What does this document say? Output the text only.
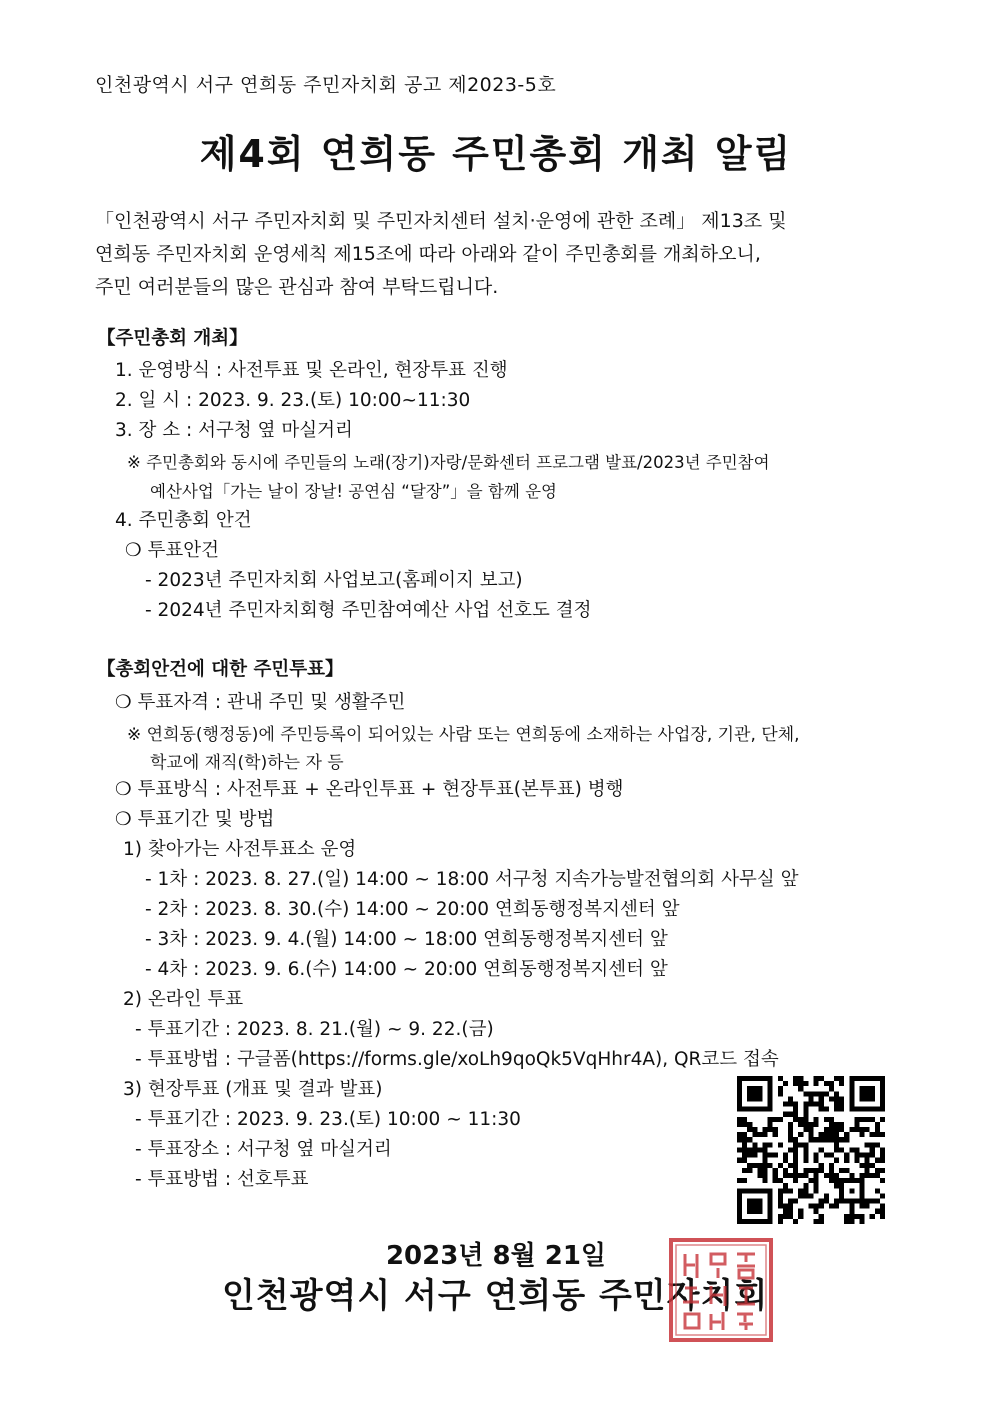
인천광역시 서구 연희동 주민자치회 공고 제2023-5호
제4회 연희동 주민총회 개최 알림
「인천광역시 서구 주민자치회 및 주민자치센터 설치·운영에 관한 조례」 제13조 및
연희동 주민자치회 운영세칙 제15조에 따라 아래와 같이 주민총회를 개최하오니,
주민 여러분들의 많은 관심과 참여 부탁드립니다.
【주민총회 개최】
1. 운영방식 : 사전투표 및 온라인, 현장투표 진행
2. 일 시 : 2023. 9. 23.(토) 10:00~11:30
3. 장 소 : 서구청 옆 마실거리
※ 주민총회와 동시에 주민들의 노래(장기)자랑/문화센터 프로그램 발표/2023년 주민참여
예산사업「가는 날이 장날! 공연심 “달장”」을 함께 운영
4. 주민총회 안건
❍ 투표안건
- 2023년 주민자치회 사업보고(홈페이지 보고)
- 2024년 주민자치회형 주민참여예산 사업 선호도 결정
【총회안건에 대한 주민투표】
❍ 투표자격 : 관내 주민 및 생활주민
※ 연희동(행정동)에 주민등록이 되어있는 사람 또는 연희동에 소재하는 사업장, 기관, 단체,
학교에 재직(학)하는 자 등
❍ 투표방식 : 사전투표 + 온라인투표 + 현장투표(본투표) 병행
❍ 투표기간 및 방법
1) 찾아가는 사전투표소 운영
- 1차 : 2023. 8. 27.(일) 14:00 ~ 18:00 서구청 지속가능발전협의회 사무실 앞
- 2차 : 2023. 8. 30.(수) 14:00 ~ 20:00 연희동행정복지센터 앞
- 3차 : 2023. 9. 4.(월) 14:00 ~ 18:00 연희동행정복지센터 앞
- 4차 : 2023. 9. 6.(수) 14:00 ~ 20:00 연희동행정복지센터 앞
2) 온라인 투표
- 투표기간 : 2023. 8. 21.(월) ~ 9. 22.(금)
- 투표방법 : 구글폼(https://forms.gle/xoLh9qoQk5VqHhr4A), QR코드 접속
3) 현장투표 (개표 및 결과 발표)
- 투표기간 : 2023. 9. 23.(토) 10:00 ~ 11:30
- 투표장소 : 서구청 옆 마실거리
- 투표방법 : 선호투표
2023년 8월 21일
인천광역시 서구 연희동 주민자치회
